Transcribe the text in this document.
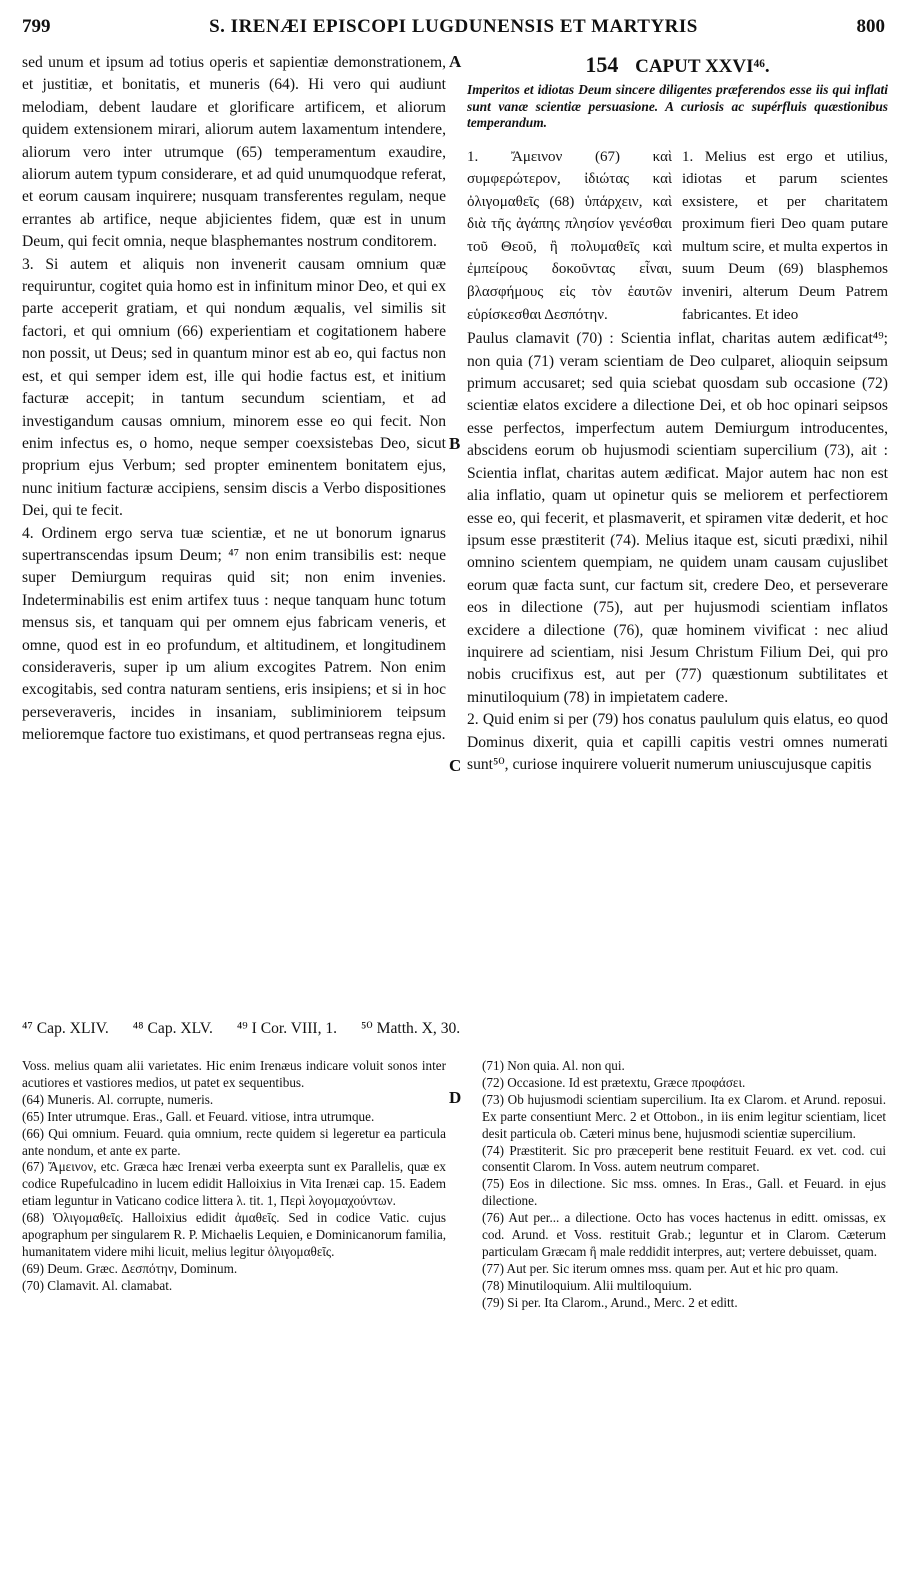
799	S. IRENÆI EPISCOPI LUGDUNENSIS ET MARTYRIS	800

sed unum et ipsum ad totius operis et sapientiæ demonstrationem, et justitiæ, et bonitatis, et muneris (64). Hi vero qui audiunt melodiam, debent laudare et glorificare artificem, et aliorum quidem extensionem mirari, aliorum autem laxamentum intendere, aliorum vero inter utrumque (65) temperamentum exaudire, aliorum autem typum considerare, et ad quid unumquodque referat, et eorum causam inquirere; nusquam transferentes regulam, neque errantes ab artifice, neque abjicientes fidem, quæ est in unum Deum, qui fecit omnia, neque blasphemantes nostrum conditorem.

3. Si autem et aliquis non invenerit causam omnium quæ requiruntur, cogitet quia homo est in infinitum minor Deo, et qui ex parte acceperit gratiam, et qui nondum æqualis, vel similis sit factori, et qui omnium (66) experientiam et cogitationem habere non possit, ut Deus; sed in quantum minor est ab eo, qui factus non est, et qui semper idem est, ille qui hodie factus est, et initium facturæ accepit; in tantum secundum scientiam, et ad investigandum causas omnium, minorem esse eo qui fecit. Non enim infectus es, o homo, neque semper coexsistebas Deo, sicut proprium ejus Verbum; sed propter eminentem bonitatem ejus, nunc initium facturæ accipiens, sensim discis a Verbo dispositiones Dei, qui te fecit.

4. Ordinem ergo serva tuæ scientiæ, et ne ut bonorum ignarus supertranscendas ipsum Deum; ⁴⁷ non enim transibilis est: neque super Demiurgum requiras quid sit; non enim invenies. Indeterminabilis est enim artifex tuus : neque tanquam hunc totum mensus sis, et tanquam qui per omnem ejus fabricam veneris, et omne, quod est in eo profundum, et altitudinem, et longitudinem consideraveris, super ip um alium excogites Patrem. Non enim excogitabis, sed contra naturam sentiens, eris insipiens; et si in hoc perseveraveris, incides in insaniam, subliminiorem teipsum melioremque factore tuo existimans, et quod pertranseas regna ejus.

A
B
C
D
154 CAPUT XXVI⁴⁶.

Imperitos et idiotas Deum sincere diligentes præferendos esse iis qui inflati sunt vanæ scientiæ persuasione. A curiosis ac supérfluis quæstionibus temperandum.

1. Ἄμεινον (67) καὶ συμφερώτερον, ἰδιώτας καὶ ὀλιγομαθεῖς (68) ὑπάρχειν, καὶ διὰ τῆς ἀγάπης πλησίον γενέσθαι τοῦ Θεοῦ, ἢ πολυμαθεῖς καὶ ἐμπείρους δοκοῦντας εἶναι, βλασφήμους εἰς τὸν ἑαυτῶν εὑρίσκεσθαι Δεσπότην.
1. Melius est ergo et utilius, idiotas et parum scientes exsistere, et per charitatem proximum fieri Deo quam putare multum scire, et multa expertos in suum Deum (69) blasphemos inveniri, alterum Deum Patrem fabricantes. Et ideo

Paulus clamavit (70) : Scientia inflat, charitas autem ædificat⁴⁹; non quia (71) veram scientiam de Deo culparet, alioquin seipsum primum accusaret; sed quia sciebat quosdam sub occasione (72) scientiæ elatos excidere a dilectione Dei, et ob hoc opinari seipsos esse perfectos, imperfectum autem Demiurgum introducentes, abscidens eorum ob hujusmodi scientiam supercilium (73), ait : Scientia inflat, charitas autem ædificat. Major autem hac non est alia inflatio, quam ut opinetur quis se meliorem et perfectiorem esse eo, qui fecerit, et plasmaverit, et spiramen vitæ dederit, et hoc ipsum esse præstiterit (74). Melius itaque est, sicuti prædixi, nihil omnino scientem quempiam, ne quidem unam causam cujuslibet eorum quæ facta sunt, cur factum sit, credere Deo, et perseverare eos in dilectione (75), aut per hujusmodi scientiam inflatos excidere a dilectione (76), quæ hominem vivificat : nec aliud inquirere ad scientiam, nisi Jesum Christum Filium Dei, qui pro nobis crucifixus est, aut per (77) quæstionum subtilitates et minutiloquium (78) in impietatem cadere.

2. Quid enim si per (79) hos conatus paululum quis elatus, eo quod Dominus dixerit, quia et capilli capitis vestri omnes numerati sunt⁵⁰, curiose inquirere voluerit numerum uniuscujusque capitis

⁴⁷ Cap. XLIV. ⁴⁸ Cap. XLV. ⁴⁹ I Cor. VIII, 1. ⁵⁰ Matth. X, 30.

Voss. melius quam alii varietates. Hic enim Irenæus indicare voluit sonos inter acutiores et vastiores medios, ut patet ex sequentibus.

(64) Muneris. Al. corrupte, numeris.

(65) Inter utrumque. Eras., Gall. et Feuard. vitiose, intra utrumque.

(66) Qui omnium. Feuard. quia omnium, recte quidem si legeretur ea particula ante nondum, et ante ex parte.

(67) Ἄμεινον, etc. Græca hæc Irenæi verba exeerpta sunt ex Parallelis, quæ ex codice Rupefulcadino in lucem edidit Halloixius in Vita Irenæi cap. 15. Eadem etiam leguntur in Vaticano codice littera λ. tit. 1, Περὶ λογομαχούντων.

(68) Ὀλιγομαθεῖς. Halloixius edidit ἀμαθεῖς. Sed in codice Vatic. cujus apographum per singularem R. P. Michaelis Lequien, e Dominicanorum familia, humanitatem videre mihi licuit, melius legitur ὀλιγομαθεῖς.

(69) Deum. Græc. Δεσπότην, Dominum.

(70) Clamavit. Al. clamabat.

(71) Non quia. Al. non qui.

(72) Occasione. Id est prætextu, Græce προφάσει.

(73) Ob hujusmodi scientiam supercilium. Ita ex Clarom. et Arund. reposui. Ex parte consentiunt Merc. 2 et Ottobon., in iis enim legitur scientiam, licet desit particula ob. Cæteri minus bene, hujusmodi scientiæ supercilium.

(74) Præstiterit. Sic pro præceperit bene restituit Feuard. ex vet. cod. cui consentit Clarom. In Voss. autem neutrum comparet.

(75) Eos in dilectione. Sic mss. omnes. In Eras., Gall. et Feuard. in ejus dilectione.

(76) Aut per... a dilectione. Octo has voces hactenus in editt. omissas, ex cod. Arund. et Voss. restituit Grab.; leguntur et in Clarom. Cæterum particulam Græcam ἢ male reddidit interpres, aut; vertere debuisset, quam.

(77) Aut per. Sic iterum omnes mss. quam per. Aut et hic pro quam.

(78) Minutiloquium. Alii multiloquium.

(79) Si per. Ita Clarom., Arund., Merc. 2 et editt.
